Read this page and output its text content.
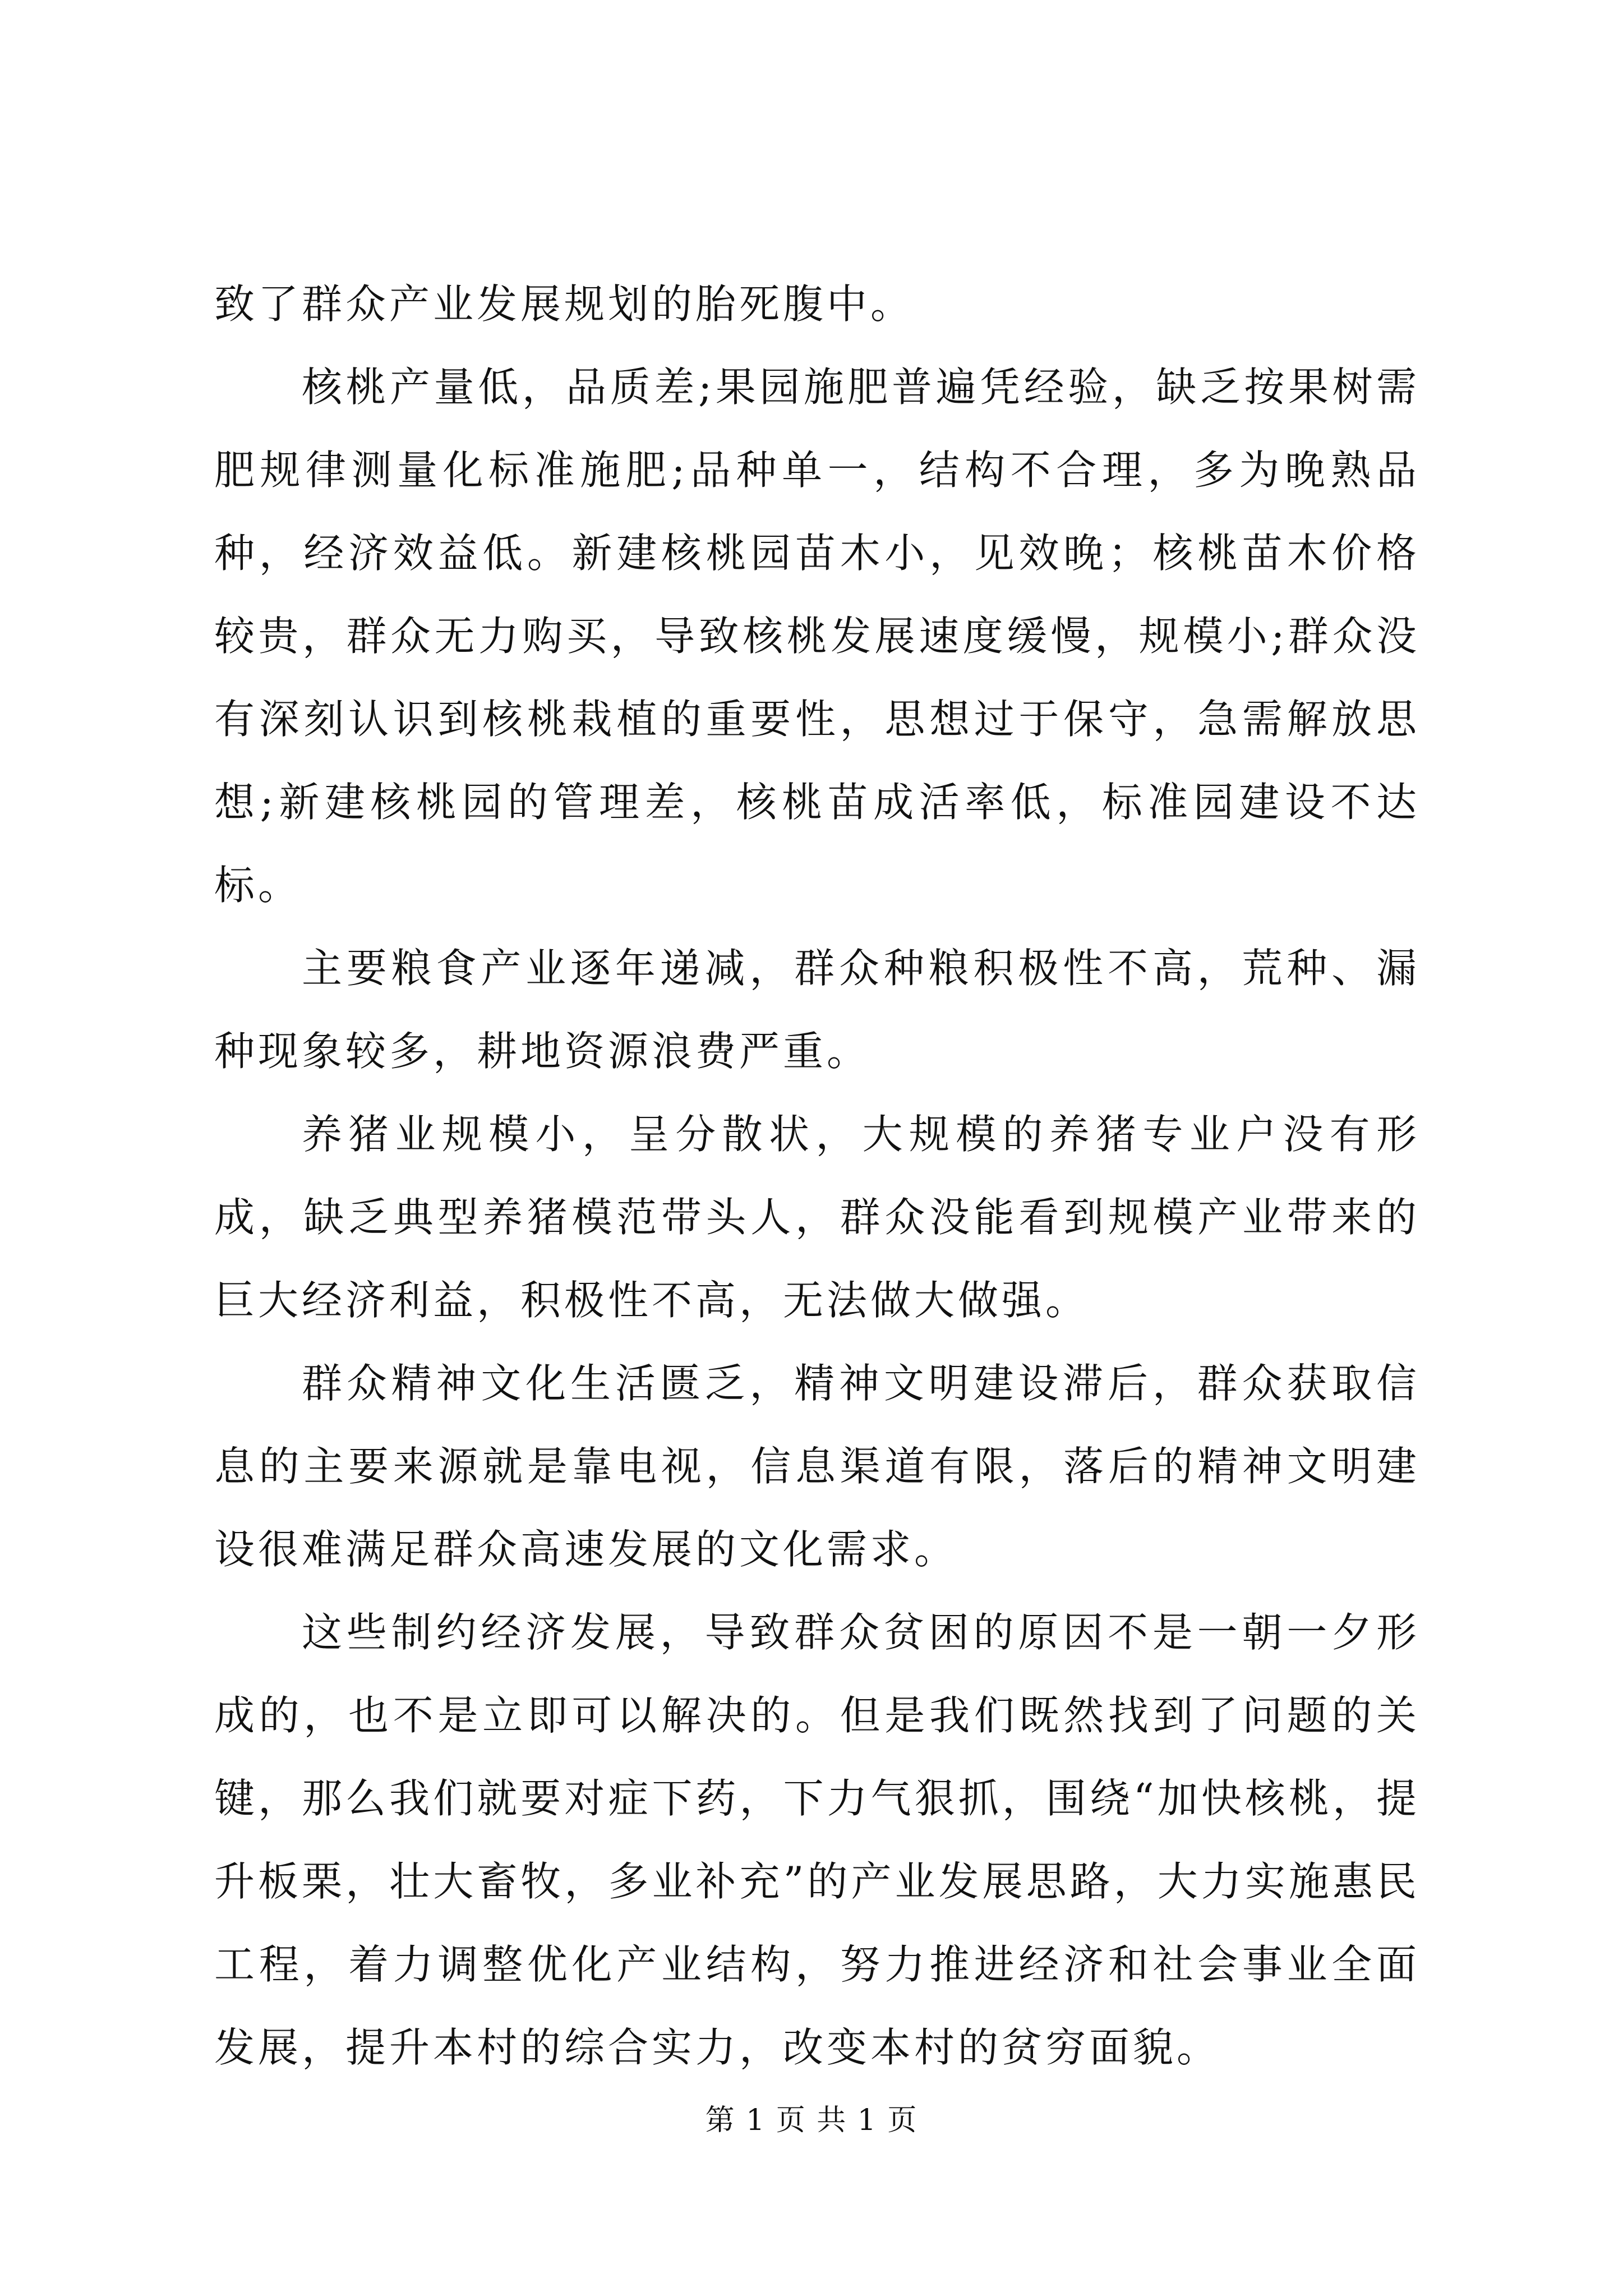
致了群众产业发展规划的胎死腹中。

核桃产量低，品质差;果园施肥普遍凭经验，缺乏按果树需肥规律测量化标准施肥;品种单一，结构不合理，多为晚熟品种，经济效益低。新建核桃园苗木小，见效晚；核桃苗木价格较贵，群众无力购买，导致核桃发展速度缓慢，规模小;群众没有深刻认识到核桃栽植的重要性，思想过于保守，急需解放思想;新建核桃园的管理差，核桃苗成活率低，标准园建设不达标。

主要粮食产业逐年递减，群众种粮积极性不高，荒种、漏种现象较多，耕地资源浪费严重。

养猪业规模小，呈分散状，大规模的养猪专业户没有形成，缺乏典型养猪模范带头人，群众没能看到规模产业带来的巨大经济利益，积极性不高，无法做大做强。

群众精神文化生活匮乏，精神文明建设滞后，群众获取信息的主要来源就是靠电视，信息渠道有限，落后的精神文明建设很难满足群众高速发展的文化需求。

这些制约经济发展，导致群众贫困的原因不是一朝一夕形成的，也不是立即可以解决的。但是我们既然找到了问题的关键，那么我们就要对症下药，下力气狠抓，围绕“加快核桃，提升板栗，壮大畜牧，多业补充”的产业发展思路，大力实施惠民工程，着力调整优化产业结构，努力推进经济和社会事业全面发展，提升本村的综合实力，改变本村的贫穷面貌。

第 1 页 共 1 页
